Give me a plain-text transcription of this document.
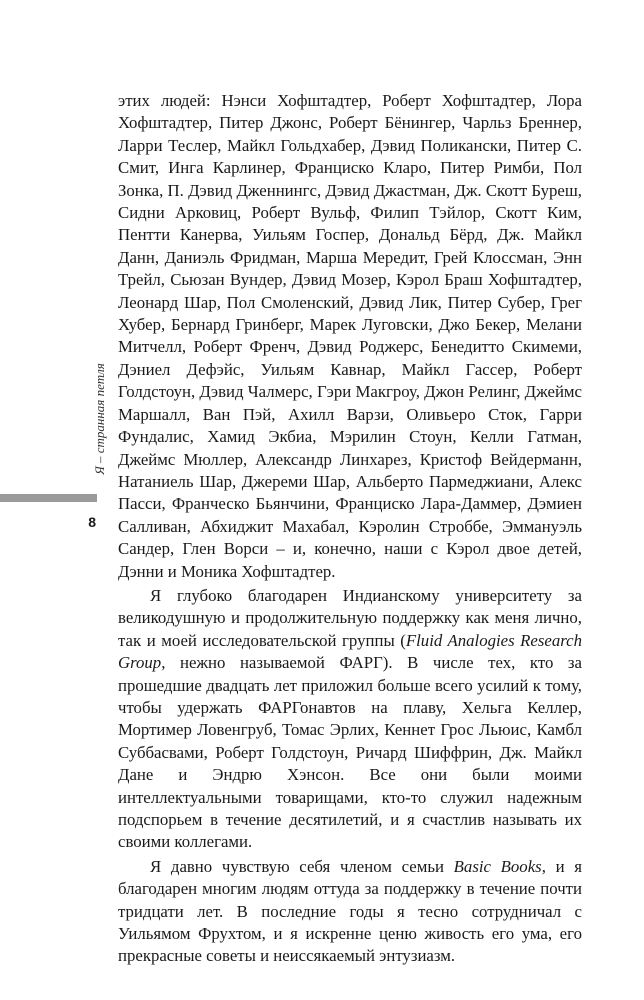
Я – странная петля
8

этих людей: Нэнси Хофштадтер, Роберт Хофштадтер, Лора Хофштадтер, Питер Джонс, Роберт Бёнингер, Чарльз Бреннер, Ларри Теслер, Майкл Гольдхабер, Дэвид Поликански, Питер С. Смит, Инга Карлинер, Франциско Кларо, Питер Римби, Пол Зонка, П. Дэвид Дженнингс, Дэвид Джастман, Дж. Скотт Буреш, Сидни Арковиц, Роберт Вульф, Филип Тэйлор, Скотт Ким, Пентти Канерва, Уильям Госпер, Дональд Бёрд, Дж. Майкл Данн, Даниэль Фридман, Марша Мередит, Грей Клоссман, Энн Трейл, Сьюзан Вундер, Дэвид Мозер, Кэрол Браш Хофштадтер, Леонард Шар, Пол Смоленский, Дэвид Лик, Питер Субер, Грег Хубер, Бернард Гринберг, Марек Луговски, Джо Бекер, Мелани Митчелл, Роберт Френч, Дэвид Роджерс, Бенедитто Скимеми, Дэниел Дефэйс, Уильям Кавнар, Майкл Гассер, Роберт Голдстоун, Дэвид Чалмерс, Гэри Макгроу, Джон Релинг, Джеймс Маршалл, Ван Пэй, Ахилл Варзи, Оливьеро Сток, Гарри Фундалис, Хамид Экбиа, Мэрилин Стоун, Келли Гатман, Джеймс Мюллер, Александр Линхарез, Кристоф Вейдерманн, Натаниель Шар, Джереми Шар, Альберто Пармеджиани, Алекс Пасси, Франческо Бьянчини, Франциско Лара-Даммер, Дэмиен Салливан, Абхиджит Махабал, Кэролин Строббе, Эммануэль Сандер, Глен Ворси – и, конечно, наши с Кэрол двое детей, Дэнни и Моника Хофштадтер.

Я глубоко благодарен Индианскому университету за великодушную и продолжительную поддержку как меня лично, так и моей исследовательской группы (Fluid Analogies Research Group, нежно называемой ФАРГ). В числе тех, кто за прошедшие двадцать лет приложил больше всего усилий к тому, чтобы удержать ФАРГонавтов на плаву, Хельга Келлер, Мортимер Ловенгруб, Томас Эрлих, Кеннет Грос Льюис, Камбл Суббасвами, Роберт Голдстоун, Ричард Шиффрин, Дж. Майкл Дане и Эндрю Хэнсон. Все они были моими интеллектуальными товарищами, кто-то служил надежным подспорьем в течение десятилетий, и я счастлив называть их своими коллегами.

Я давно чувствую себя членом семьи Basic Books, и я благодарен многим людям оттуда за поддержку в течение почти тридцати лет. В последние годы я тесно сотрудничал с Уильямом Фрухтом, и я искренне ценю живость его ума, его прекрасные советы и неиссякаемый энтузиазм.
